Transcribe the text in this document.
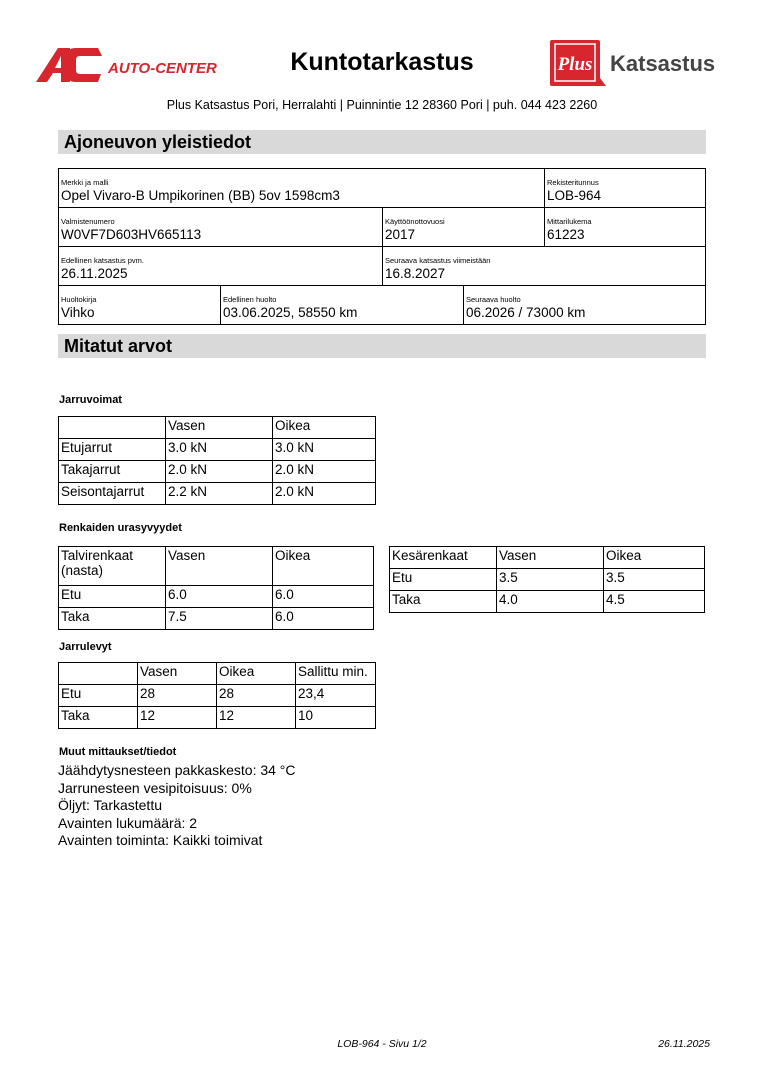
AUTO-CENTER	Kuntotarkastus	Plus Katsastus
Plus Katsastus Pori, Herralahti | Puinnintie 12 28360 Pori | puh. 044 423 2260
Ajoneuvon yleistiedot
Merkki ja malli
Opel Vivaro-B Umpikorinen (BB) 5ov 1598cm3
Rekisteritunnus
LOB-964
Valmistenumero
W0VF7D603HV665113
Käyttöönottovuosi
2017
Mittarilukema
61223
Edellinen katsastus pvm.
26.11.2025
Seuraava katsastus viimeistään
16.8.2027
Huoltokirja
Vihko
Edellinen huolto
03.06.2025, 58550 km
Seuraava huolto
06.2026 / 73000 km
Mitatut arvot
Jarruvoimat
	Vasen	Oikea
Etujarrut	3.0 kN	3.0 kN
Takajarrut	2.0 kN	2.0 kN
Seisontajarrut	2.2 kN	2.0 kN
Renkaiden urasyvyydet
Talvirenkaat (nasta)	Vasen	Oikea
Etu	6.0	6.0
Taka	7.5	6.0
Kesärenkaat	Vasen	Oikea
Etu	3.5	3.5
Taka	4.0	4.5
Jarrulevyt
	Vasen	Oikea	Sallittu min.
Etu	28	28	23,4
Taka	12	12	10
Muut mittaukset/tiedot
Jäähdytysnesteen pakkaskesto: 34 °C
Jarrunesteen vesipitoisuus: 0%
Öljyt: Tarkastettu
Avainten lukumäärä: 2
Avainten toiminta: Kaikki toimivat
LOB-964 - Sivu 1/2	26.11.2025
